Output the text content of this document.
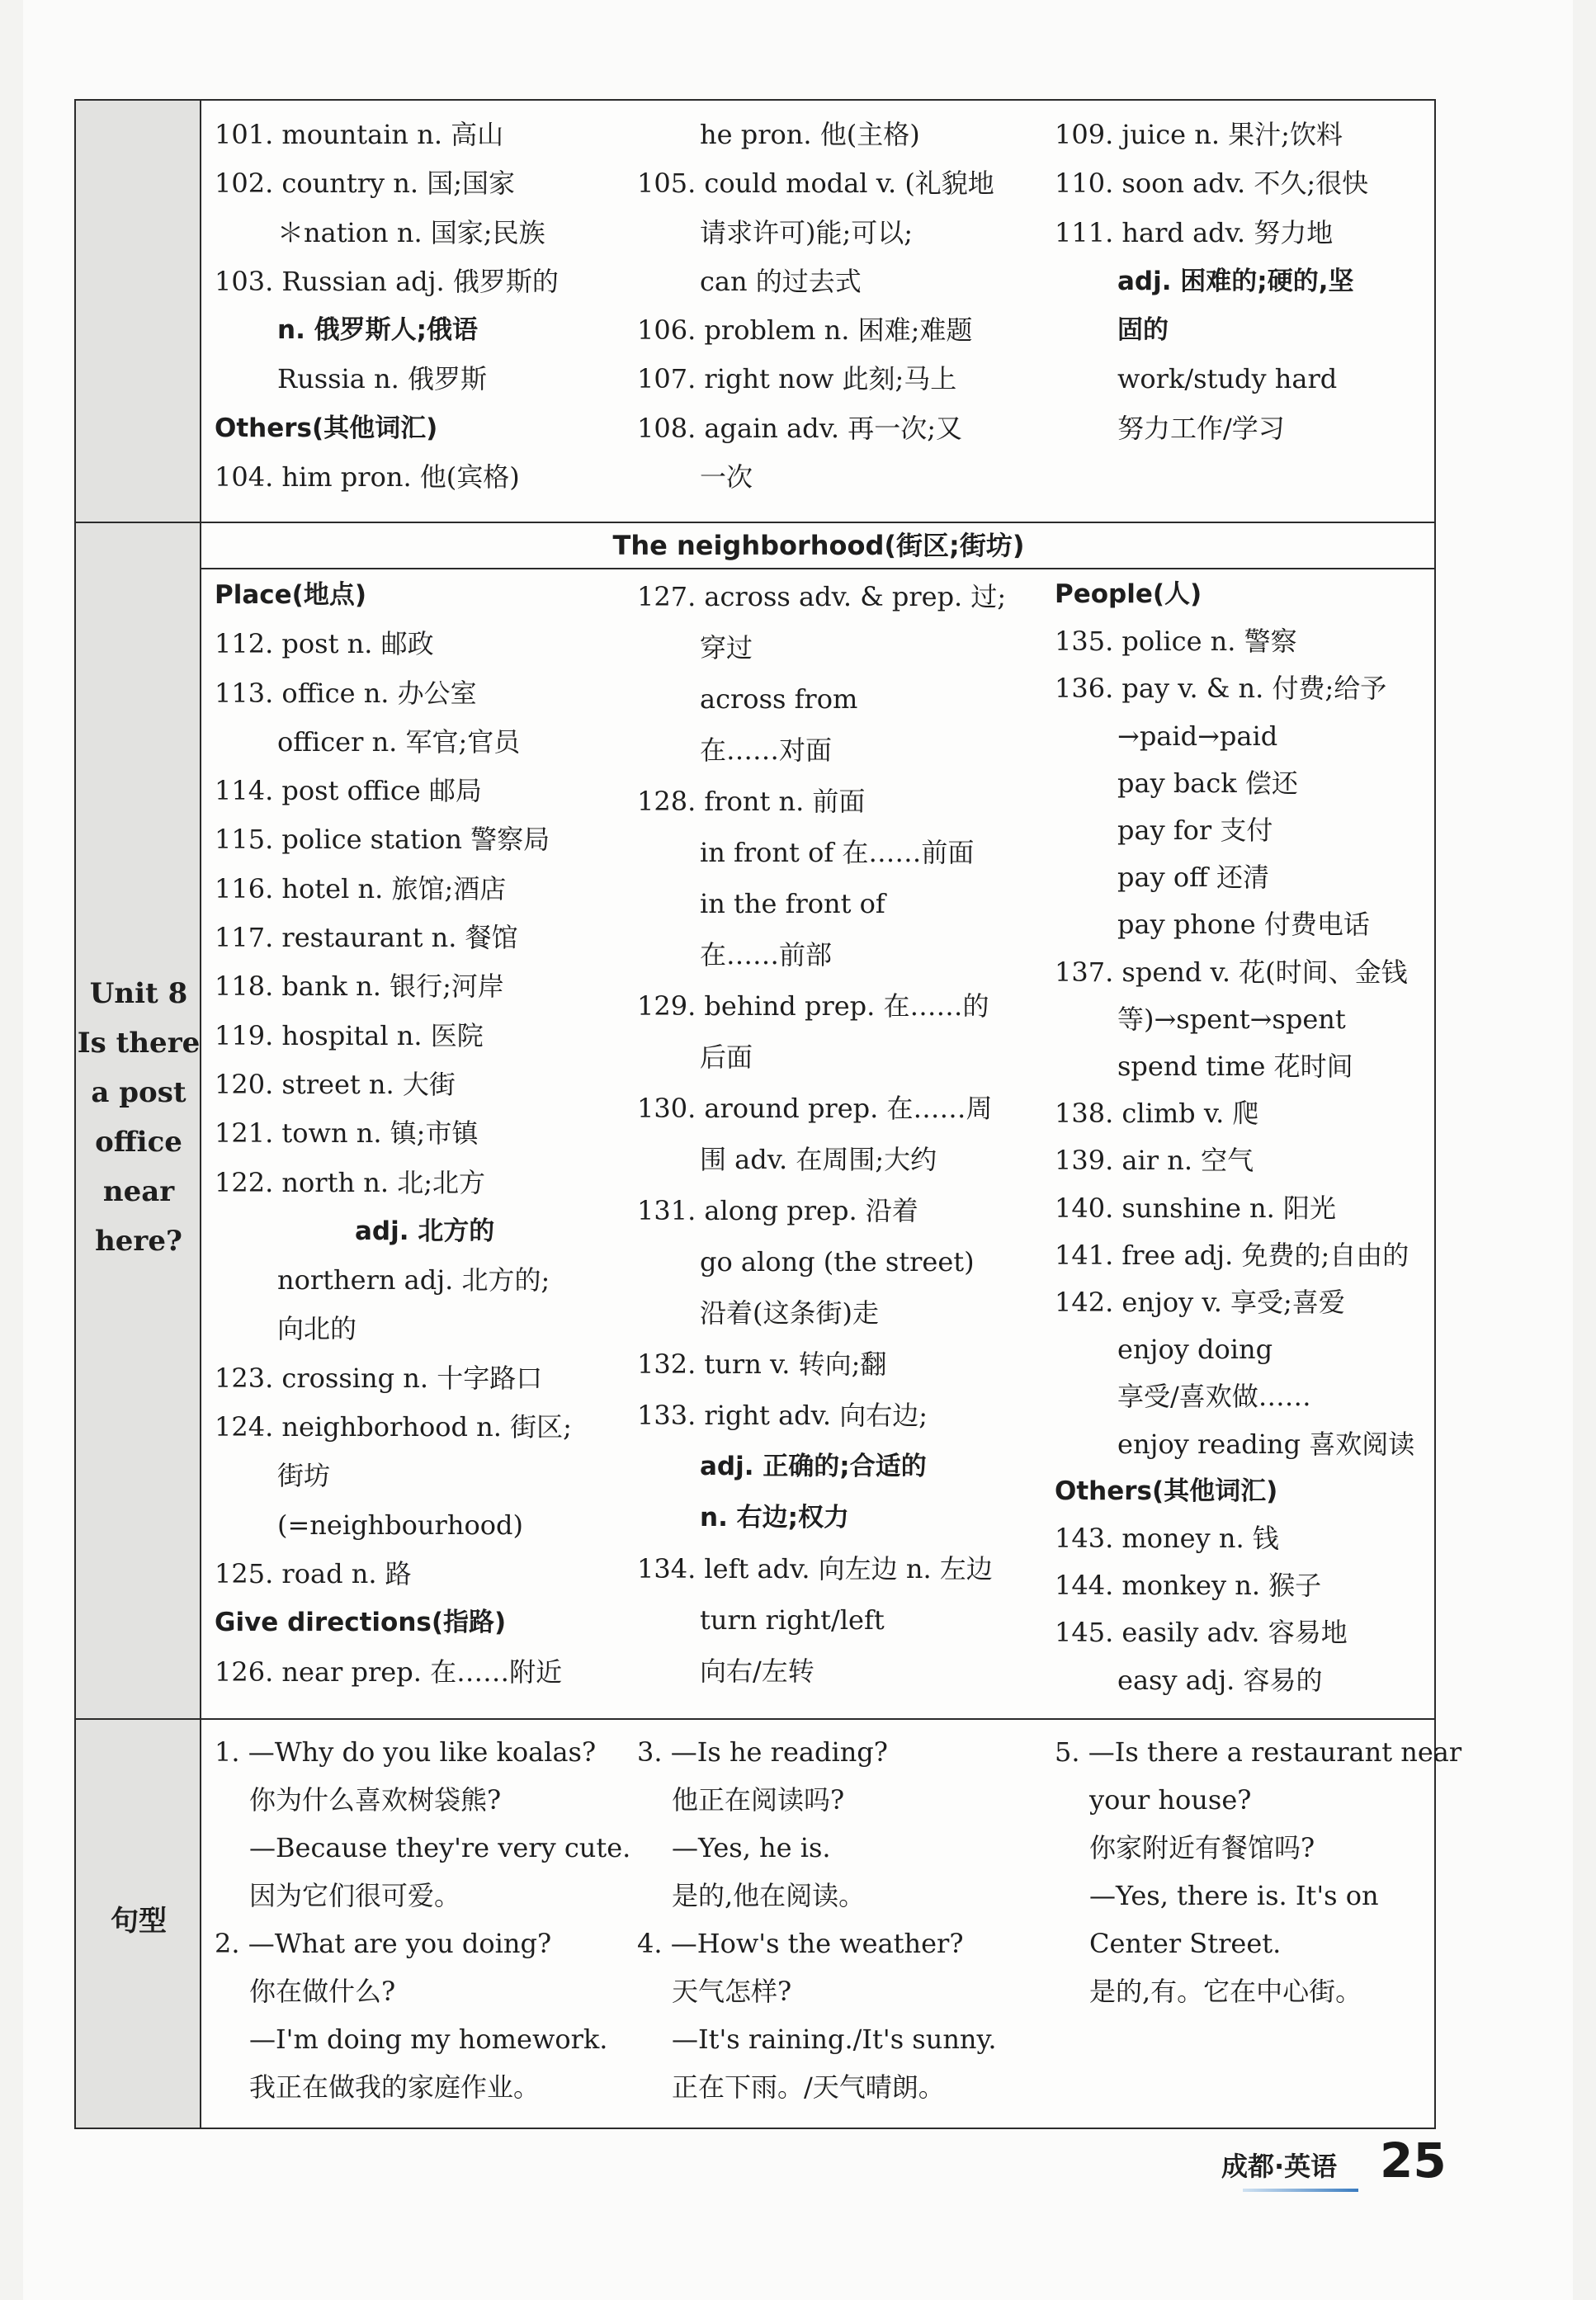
101. mountain n. 高山
102. country n. 国;国家
＊nation n. 国家;民族
103. Russian adj. 俄罗斯的
n. 俄罗斯人;俄语
Russia n. 俄罗斯
Others(其他词汇)
104. him pron. 他(宾格)
he pron. 他(主格)
105. could modal v. (礼貌地
请求许可)能;可以;
can 的过去式
106. problem n. 困难;难题
107. right now 此刻;马上
108. again adv. 再一次;又
一次
109. juice n. 果汁;饮料
110. soon adv. 不久;很快
111. hard adv. 努力地
adj. 困难的;硬的,坚
固的
work/study hard
努力工作/学习
The neighborhood(街区;街坊)
Unit 8
Is there
a post
office
near
here?
Place(地点)
112. post n. 邮政
113. office n. 办公室
officer n. 军官;官员
114. post office 邮局
115. police station 警察局
116. hotel n. 旅馆;酒店
117. restaurant n. 餐馆
118. bank n. 银行;河岸
119. hospital n. 医院
120. street n. 大街
121. town n. 镇;市镇
122. north n. 北;北方
adj. 北方的
northern adj. 北方的;
向北的
123. crossing n. 十字路口
124. neighborhood n. 街区;
街坊
(=neighbourhood)
125. road n. 路
Give directions(指路)
126. near prep. 在……附近
127. across adv. & prep. 过;
穿过
across from
在……对面
128. front n. 前面
in front of 在……前面
in the front of
在……前部
129. behind prep. 在……的
后面
130. around prep. 在……周
围 adv. 在周围;大约
131. along prep. 沿着
go along (the street)
沿着(这条街)走
132. turn v. 转向;翻
133. right adv. 向右边;
adj. 正确的;合适的
n. 右边;权力
134. left adv. 向左边 n. 左边
turn right/left
向右/左转
People(人)
135. police n. 警察
136. pay v. & n. 付费;给予
→paid→paid
pay back 偿还
pay for 支付
pay off 还清
pay phone 付费电话
137. spend v. 花(时间、金钱
等)→spent→spent
spend time 花时间
138. climb v. 爬
139. air n. 空气
140. sunshine n. 阳光
141. free adj. 免费的;自由的
142. enjoy v. 享受;喜爱
enjoy doing
享受/喜欢做……
enjoy reading 喜欢阅读
Others(其他词汇)
143. money n. 钱
144. monkey n. 猴子
145. easily adv. 容易地
easy adj. 容易的
句型
1. —Why do you like koalas?
你为什么喜欢树袋熊?
—Because they're very cute.
因为它们很可爱。
2. —What are you doing?
你在做什么?
—I'm doing my homework.
我正在做我的家庭作业。
3. —Is he reading?
他正在阅读吗?
—Yes, he is.
是的,他在阅读。
4. —How's the weather?
天气怎样?
—It's raining./It's sunny.
正在下雨。/天气晴朗。
5. —Is there a restaurant near
your house?
你家附近有餐馆吗?
—Yes, there is. It's on
Center Street.
是的,有。它在中心街。
成都·英语 25
